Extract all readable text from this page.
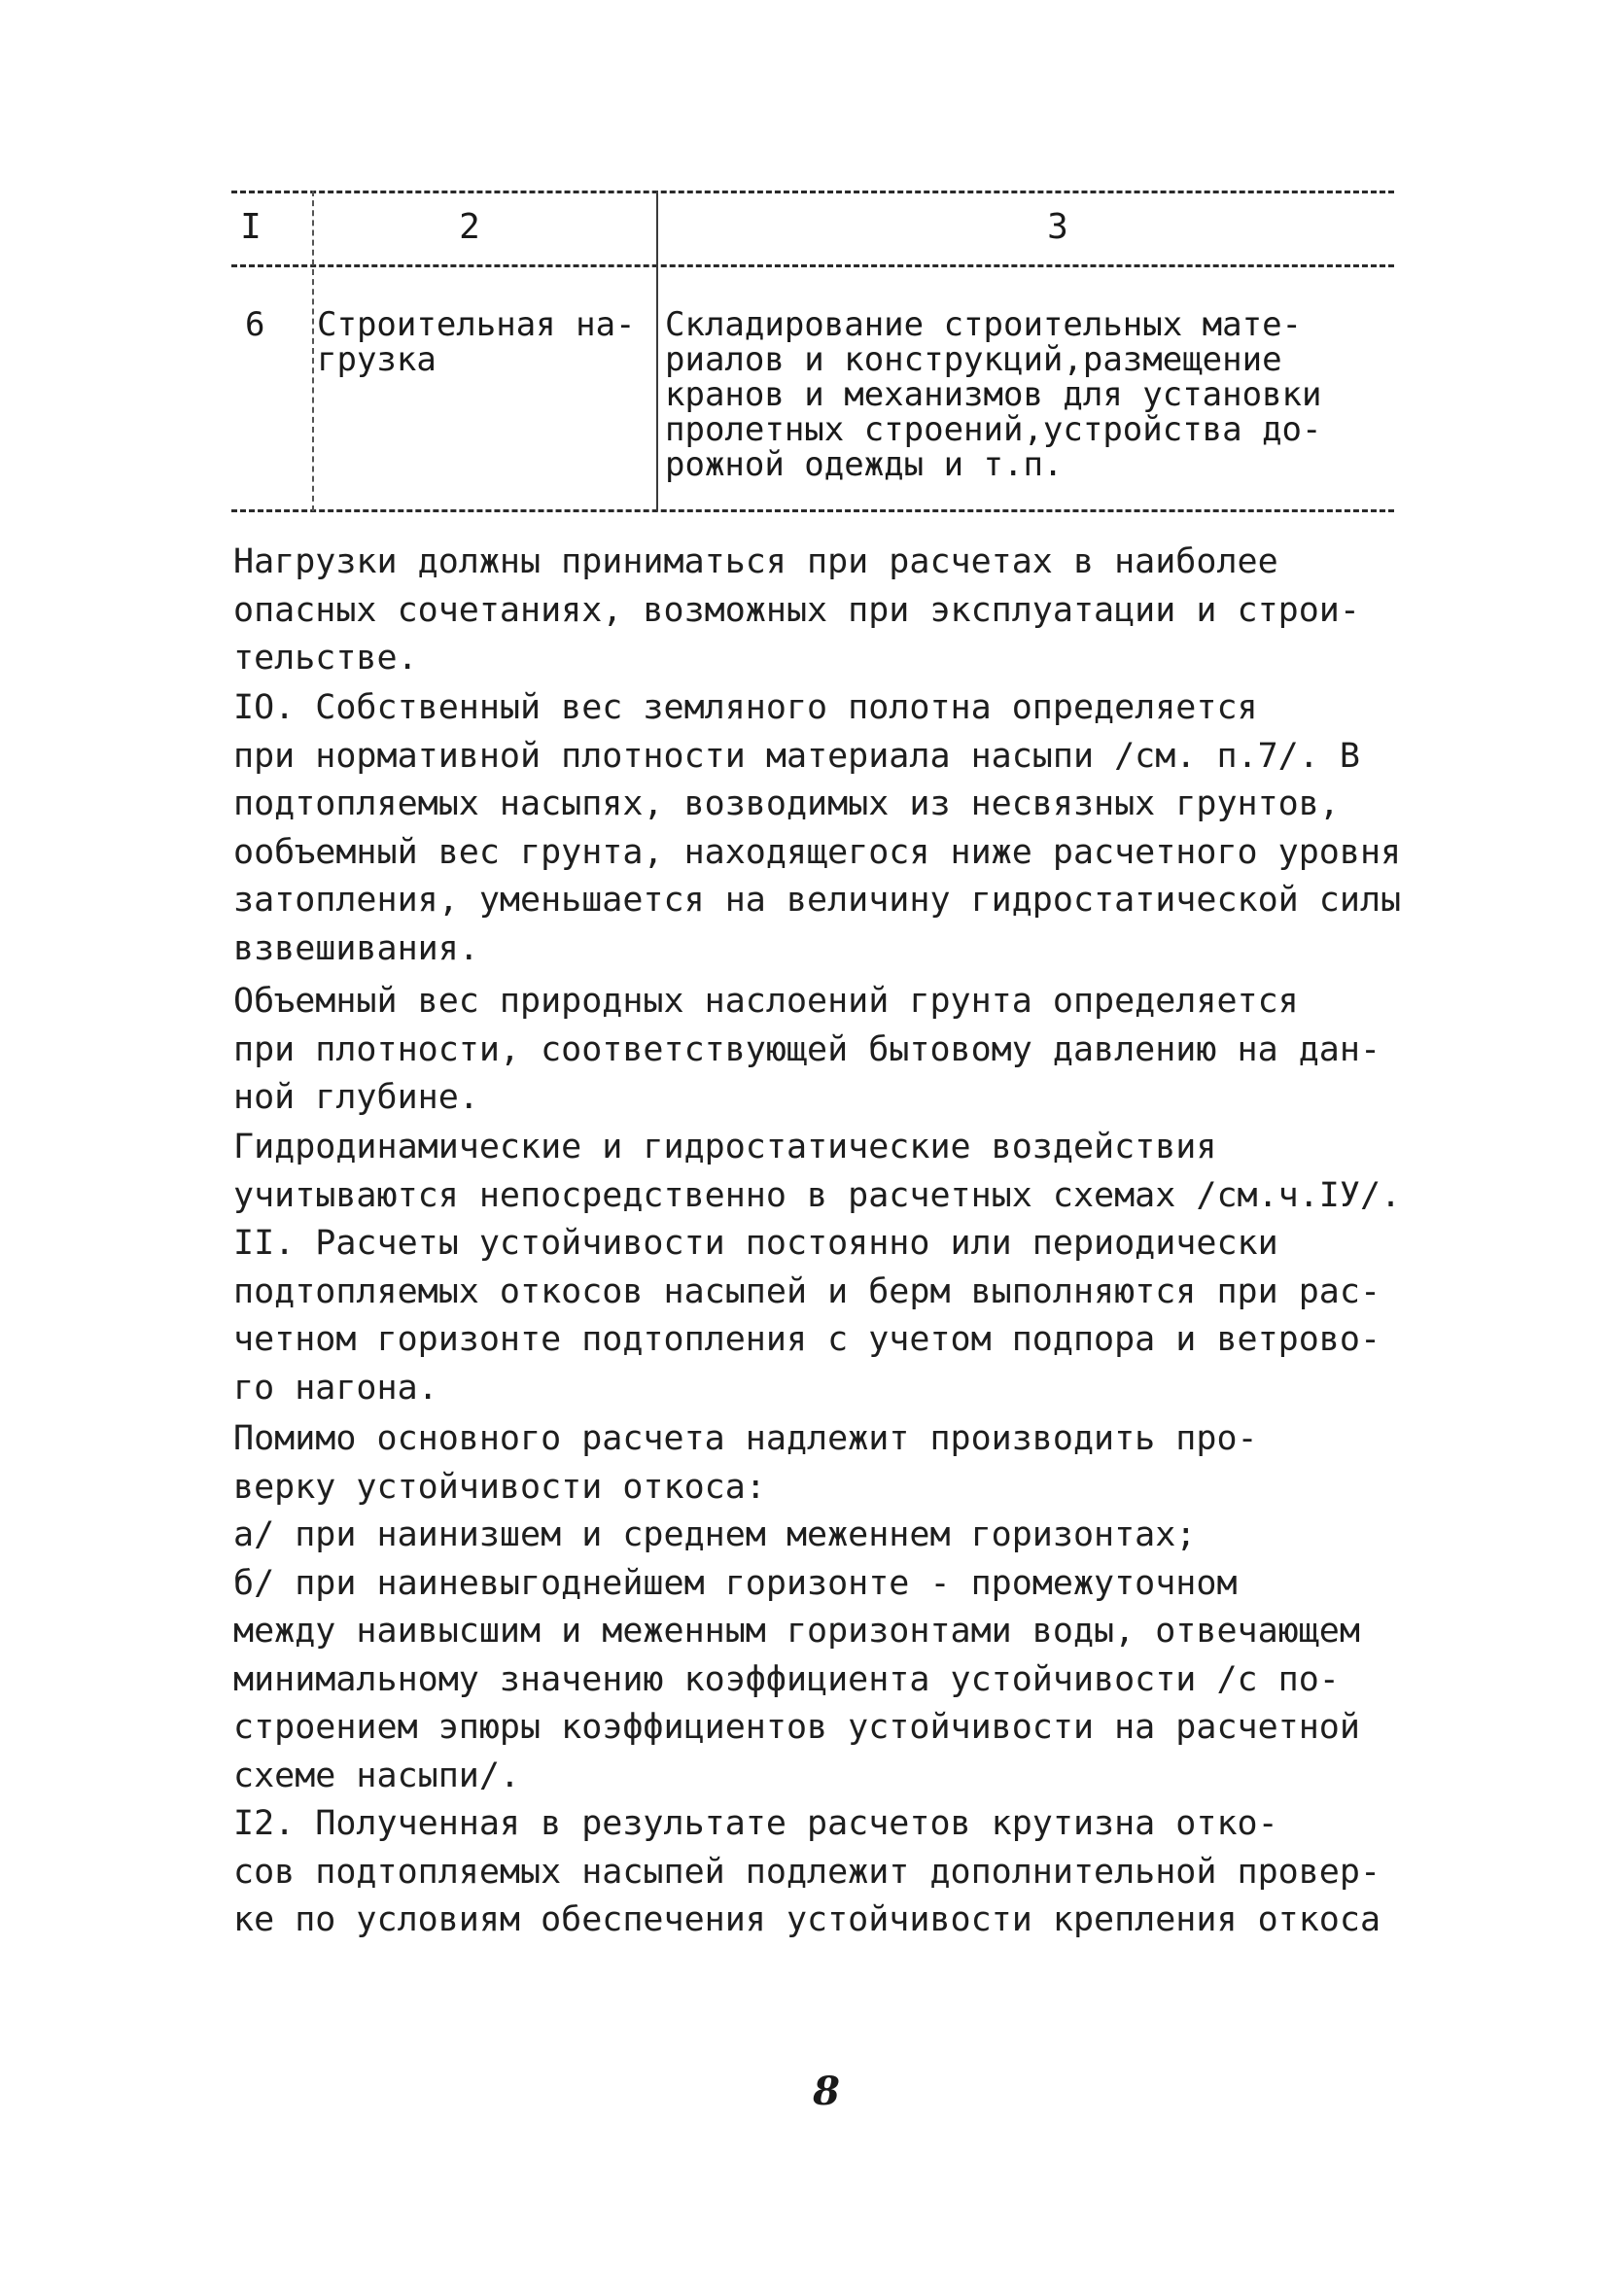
I	2	3
6 Строительная на-
грузка
Складирование строительных мате-
риалов и конструкций,размещение
кранов и механизмов для установки
пролетных строений,устройства до-
рожной одежды и т.п.
Нагрузки должны приниматься при расчетах в наиболее
опасных сочетаниях, возможных при эксплуатации и строи-
тельстве.
IO. Собственный вес земляного полотна определяется
при нормативной плотности материала насыпи /см. п.7/. В
подтопляемых насыпях, возводимых из несвязных грунтов,
ообъемный вес грунта, находящегося ниже расчетного уровня
затопления, уменьшается на величину гидростатической силы
взвешивания.
Объемный вес природных наслоений грунта определяется
при плотности, соответствующей бытовому давлению на дан-
ной глубине.
Гидродинамические и гидростатические воздействия
учитываются непосредственно в расчетных схемах /см.ч.IУ/.
II. Расчеты устойчивости постоянно или периодически
подтопляемых откосов насыпей и берм выполняются при рас-
четном горизонте подтопления с учетом подпора и ветрово-
го нагона.
Помимо основного расчета надлежит производить про-
верку устойчивости откоса:
а/ при наинизшем и среднем меженнем горизонтах;
б/ при наиневыгоднейшем горизонте - промежуточном
между наивысшим и меженным горизонтами воды, отвечающем
минимальному значению коэффициента устойчивости /с по-
строением эпюры коэффициентов устойчивости на расчетной
схеме насыпи/.
I2. Полученная в результате расчетов крутизна отко-
сов подтопляемых насыпей подлежит дополнительной провер-
ке по условиям обеспечения устойчивости крепления откоса
8
